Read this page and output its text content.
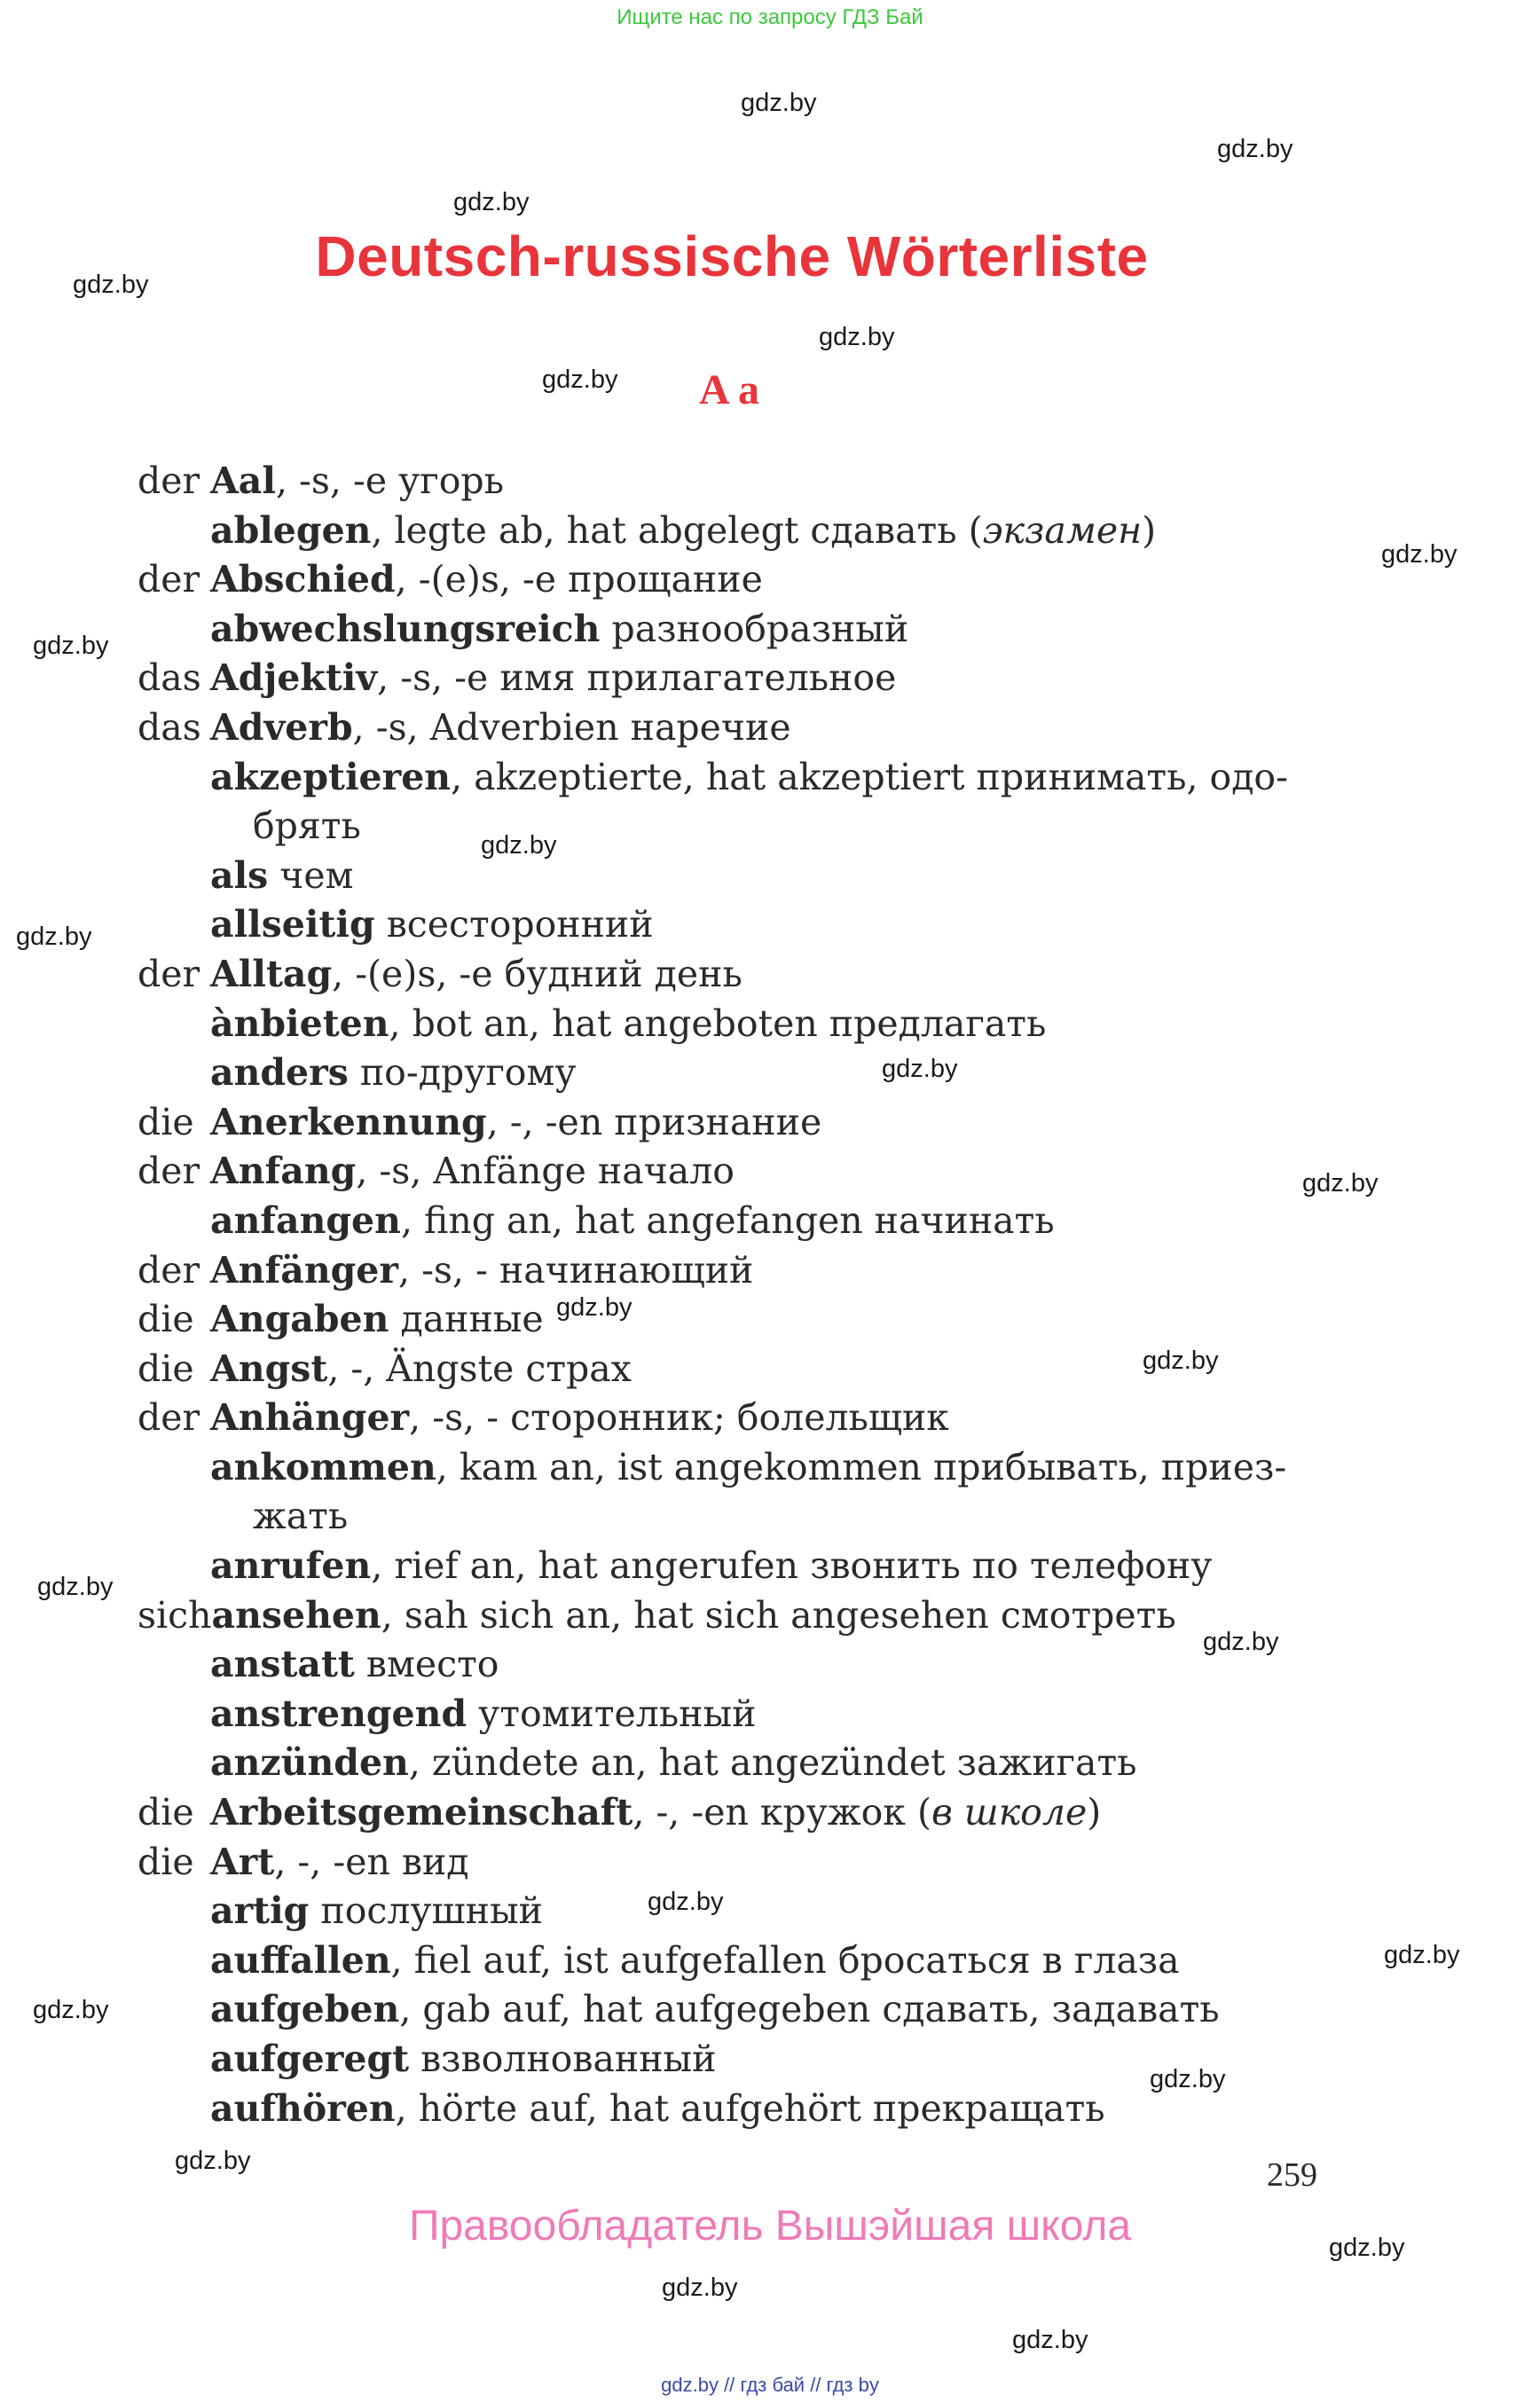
Ищите нас по запросу ГДЗ Бай
gdz.by
gdz.by
gdz.by
gdz.by
gdz.by
gdz.by
gdz.by
gdz.by
gdz.by
gdz.by
gdz.by
gdz.by
gdz.by
gdz.by
gdz.by
gdz.by
gdz.by
gdz.by
gdz.by
gdz.by
gdz.by
gdz.by
gdz.by
gdz.by
Deutsch-russische Wörterliste
A a
der Aal, -s, -e угорь
ablegen, legte ab, hat abgelegt сдавать (экзамен)
der Abschied, -(e)s, -e прощание
abwechslungsreich разнообразный
das Adjektiv, -s, -e имя прилагательное
das Adverb, -s, Adverbien наречие
akzeptieren, akzeptierte, hat akzeptiert принимать, одо-
брять
als чем
allseitig всесторонний
der Alltag, -(e)s, -e будний день
ànbieten, bot an, hat angeboten предлагать
anders по-другому
die Anerkennung, -, -en признание
der Anfang, -s, Anfänge начало
anfangen, fing an, hat angefangen начинать
der Anfänger, -s, - начинающий
die Angaben данные
die Angst, -, Ängste страх
der Anhänger, -s, - сторонник; болельщик
ankommen, kam an, ist angekommen прибывать, приез-
жать
anrufen, rief an, hat angerufen звонить по телефону
sichansehen, sah sich an, hat sich angesehen смотреть
anstatt вместо
anstrengend утомительный
anzünden, zündete an, hat angezündet зажигать
die Arbeitsgemeinschaft, -, -en кружок (в школе)
die Art, -, -en вид
artig послушный
auffallen, fiel auf, ist aufgefallen бросаться в глаза
aufgeben, gab auf, hat aufgegeben сдавать, задавать
aufgeregt взволнованный
aufhören, hörte auf, hat aufgehört прекращать
259
Правообладатель Вышэйшая школа
gdz.by // гдз бай // гдз by
